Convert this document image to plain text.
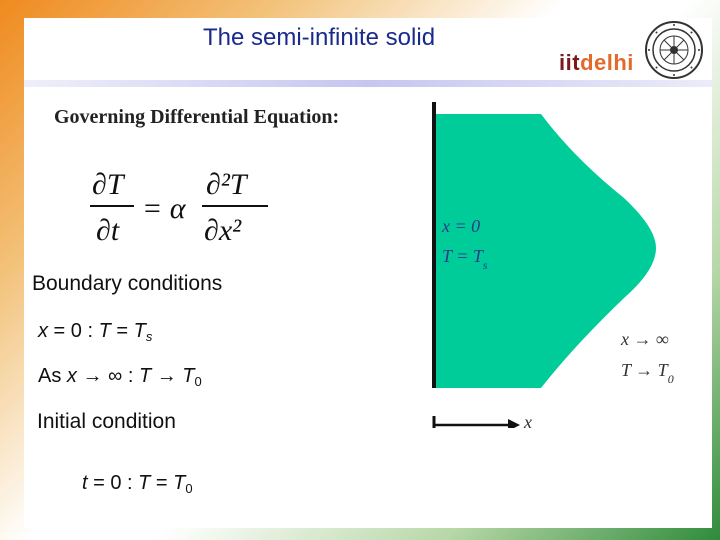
The semi-infinite solid
iitdelhi
Governing Differential Equation:
∂T
∂t
= α
∂²T
∂x²
Boundary conditions
x = 0 : $T = T_s$
As x → ∞ : $T \to T_0$
Initial condition
t = 0 : $T = T_0$
x = 0
$T = T_s$
x → ∞
$T \to T_0$
x
